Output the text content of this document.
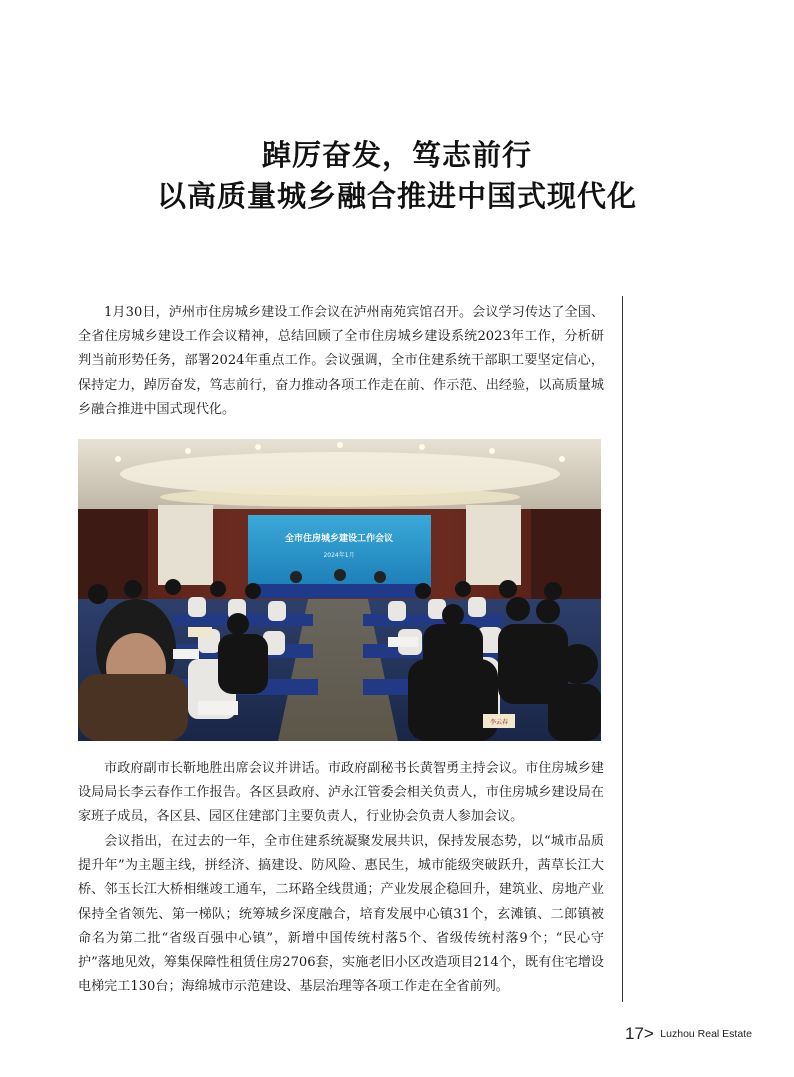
踔厉奋发，笃志前行
以高质量城乡融合推进中国式现代化
1月30日，泸州市住房城乡建设工作会议在泸州南苑宾馆召开。会议学习传达了全国、全省住房城乡建设工作会议精神，总结回顾了全市住房城乡建设系统2023年工作，分析研判当前形势任务，部署2024年重点工作。会议强调，全市住建系统干部职工要坚定信心，保持定力，踔厉奋发，笃志前行，奋力推动各项工作走在前、作示范、出经验，以高质量城乡融合推进中国式现代化。
全市住房城乡建设工作会议
2024年1月
李云春
市政府副市长靳地胜出席会议并讲话。市政府副秘书长黄智勇主持会议。市住房城乡建设局局长李云春作工作报告。各区县政府、泸永江管委会相关负责人，市住房城乡建设局在家班子成员，各区县、园区住建部门主要负责人，行业协会负责人参加会议。
会议指出，在过去的一年，全市住建系统凝聚发展共识，保持发展态势，以“城市品质提升年”为主题主线，拼经济、搞建设、防风险、惠民生，城市能级突破跃升，茜草长江大桥、邻玉长江大桥相继竣工通车，二环路全线贯通；产业发展企稳回升，建筑业、房地产业保持全省领先、第一梯队；统筹城乡深度融合，培育发展中心镇31个，玄滩镇、二郎镇被命名为第二批“省级百强中心镇”，新增中国传统村落5个、省级传统村落9个；“民心守护”落地见效，筹集保障性租赁住房2706套，实施老旧小区改造项目214个，既有住宅增设电梯完工130台；海绵城市示范建设、基层治理等各项工作走在全省前列。
17> Luzhou Real Estate
